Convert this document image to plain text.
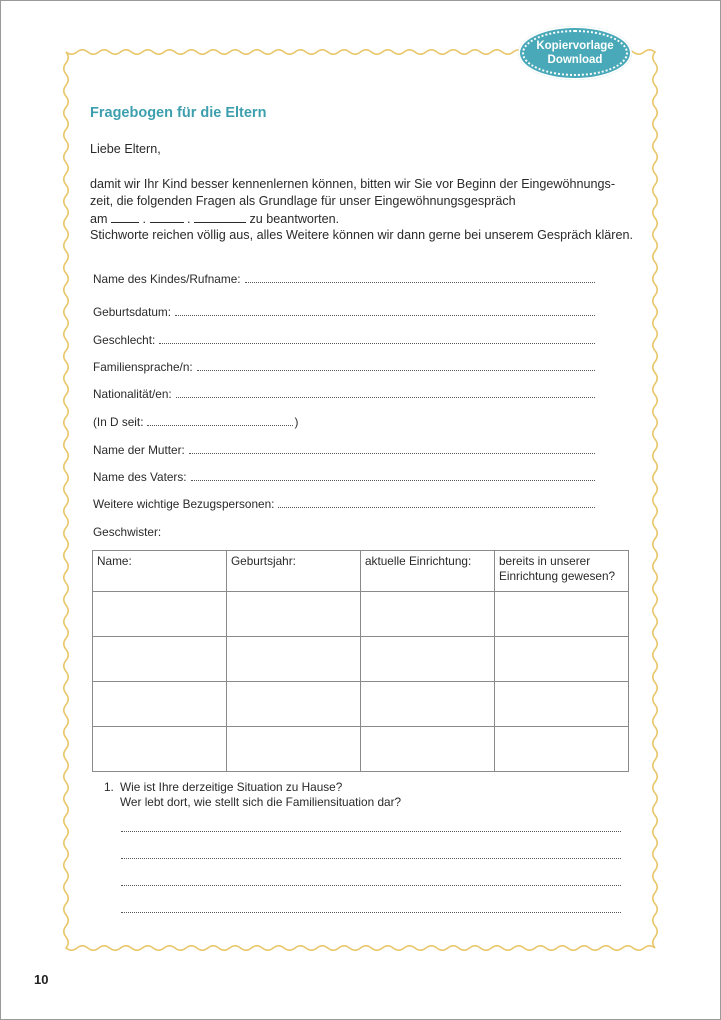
Kopiervorlage
Download
Fragebogen für die Eltern
Liebe Eltern,
damit wir Ihr Kind besser kennenlernen können, bitten wir Sie vor Beginn der Eingewöhnungs-
zeit, die folgenden Fragen als Grundlage für unser Eingewöhnungsgespräch
am	.	.	zu beantworten.
Stichworte reichen völlig aus, alles Weitere können wir dann gerne bei unserem Gespräch klären.
Name des Kindes/Rufname:
Geburtsdatum:
Geschlecht:
Familiensprache/n:
Nationalität/en:
(In D seit:	)
Name der Mutter:
Name des Vaters:
Weitere wichtige Bezugspersonen:
Geschwister:
Name:	Geburtsjahr:	aktuelle Einrichtung:	bereits in unserer Einrichtung gewesen?

1. Wie ist Ihre derzeitige Situation zu Hause?
Wer lebt dort, wie stellt sich die Familiensituation dar?
10
